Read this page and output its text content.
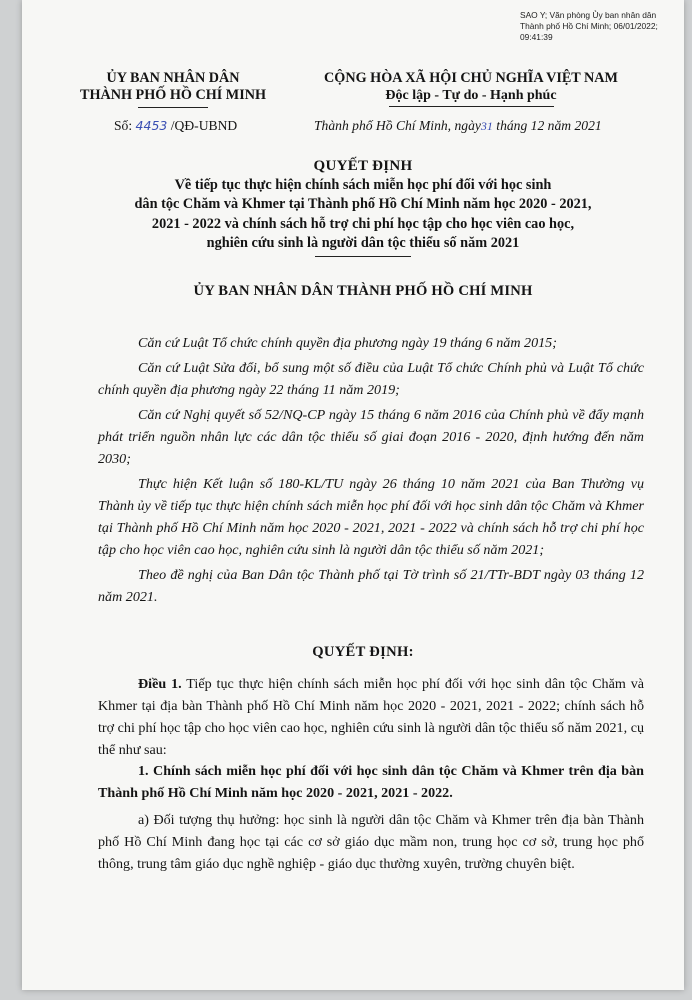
SAO Y; Văn phòng Ủy ban nhân dân Thành phố Hồ Chí Minh; 06/01/2022; 09:41:39
ỦY BAN NHÂN DÂN
THÀNH PHỐ HỒ CHÍ MINH
CỘNG HÒA XÃ HỘI CHỦ NGHĨA VIỆT NAM
Độc lập - Tự do - Hạnh phúc
Số: 4453 /QĐ-UBND	Thành phố Hồ Chí Minh, ngày31 tháng 12 năm 2021
QUYẾT ĐỊNH
Về tiếp tục thực hiện chính sách miễn học phí đối với học sinh
dân tộc Chăm và Khmer tại Thành phố Hồ Chí Minh năm học 2020 - 2021,
2021 - 2022 và chính sách hỗ trợ chi phí học tập cho học viên cao học,
nghiên cứu sinh là người dân tộc thiểu số năm 2021
ỦY BAN NHÂN DÂN THÀNH PHỐ HỒ CHÍ MINH

Căn cứ Luật Tổ chức chính quyền địa phương ngày 19 tháng 6 năm 2015;

Căn cứ Luật Sửa đổi, bổ sung một số điều của Luật Tổ chức Chính phủ và Luật Tổ chức chính quyền địa phương ngày 22 tháng 11 năm 2019;

Căn cứ Nghị quyết số 52/NQ-CP ngày 15 tháng 6 năm 2016 của Chính phủ về đẩy mạnh phát triển nguồn nhân lực các dân tộc thiểu số giai đoạn 2016 - 2020, định hướng đến năm 2030;

Thực hiện Kết luận số 180-KL/TU ngày 26 tháng 10 năm 2021 của Ban Thường vụ Thành ủy về tiếp tục thực hiện chính sách miễn học phí đối với học sinh dân tộc Chăm và Khmer tại Thành phố Hồ Chí Minh năm học 2020 - 2021, 2021 - 2022 và chính sách hỗ trợ chi phí học tập cho học viên cao học, nghiên cứu sinh là người dân tộc thiểu số năm 2021;

Theo đề nghị của Ban Dân tộc Thành phố tại Tờ trình số 21/TTr-BDT ngày 03 tháng 12 năm 2021.

QUYẾT ĐỊNH:

Điều 1. Tiếp tục thực hiện chính sách miễn học phí đối với học sinh dân tộc Chăm và Khmer tại địa bàn Thành phố Hồ Chí Minh năm học 2020 - 2021, 2021 - 2022; chính sách hỗ trợ chi phí học tập cho học viên cao học, nghiên cứu sinh là người dân tộc thiểu số năm 2021, cụ thể như sau:

1. Chính sách miễn học phí đối với học sinh dân tộc Chăm và Khmer trên địa bàn Thành phố Hồ Chí Minh năm học 2020 - 2021, 2021 - 2022.

a) Đối tượng thụ hưởng: học sinh là người dân tộc Chăm và Khmer trên địa bàn Thành phố Hồ Chí Minh đang học tại các cơ sở giáo dục mầm non, trung học cơ sở, trung học phổ thông, trung tâm giáo dục nghề nghiệp - giáo dục thường xuyên, trường chuyên biệt.
